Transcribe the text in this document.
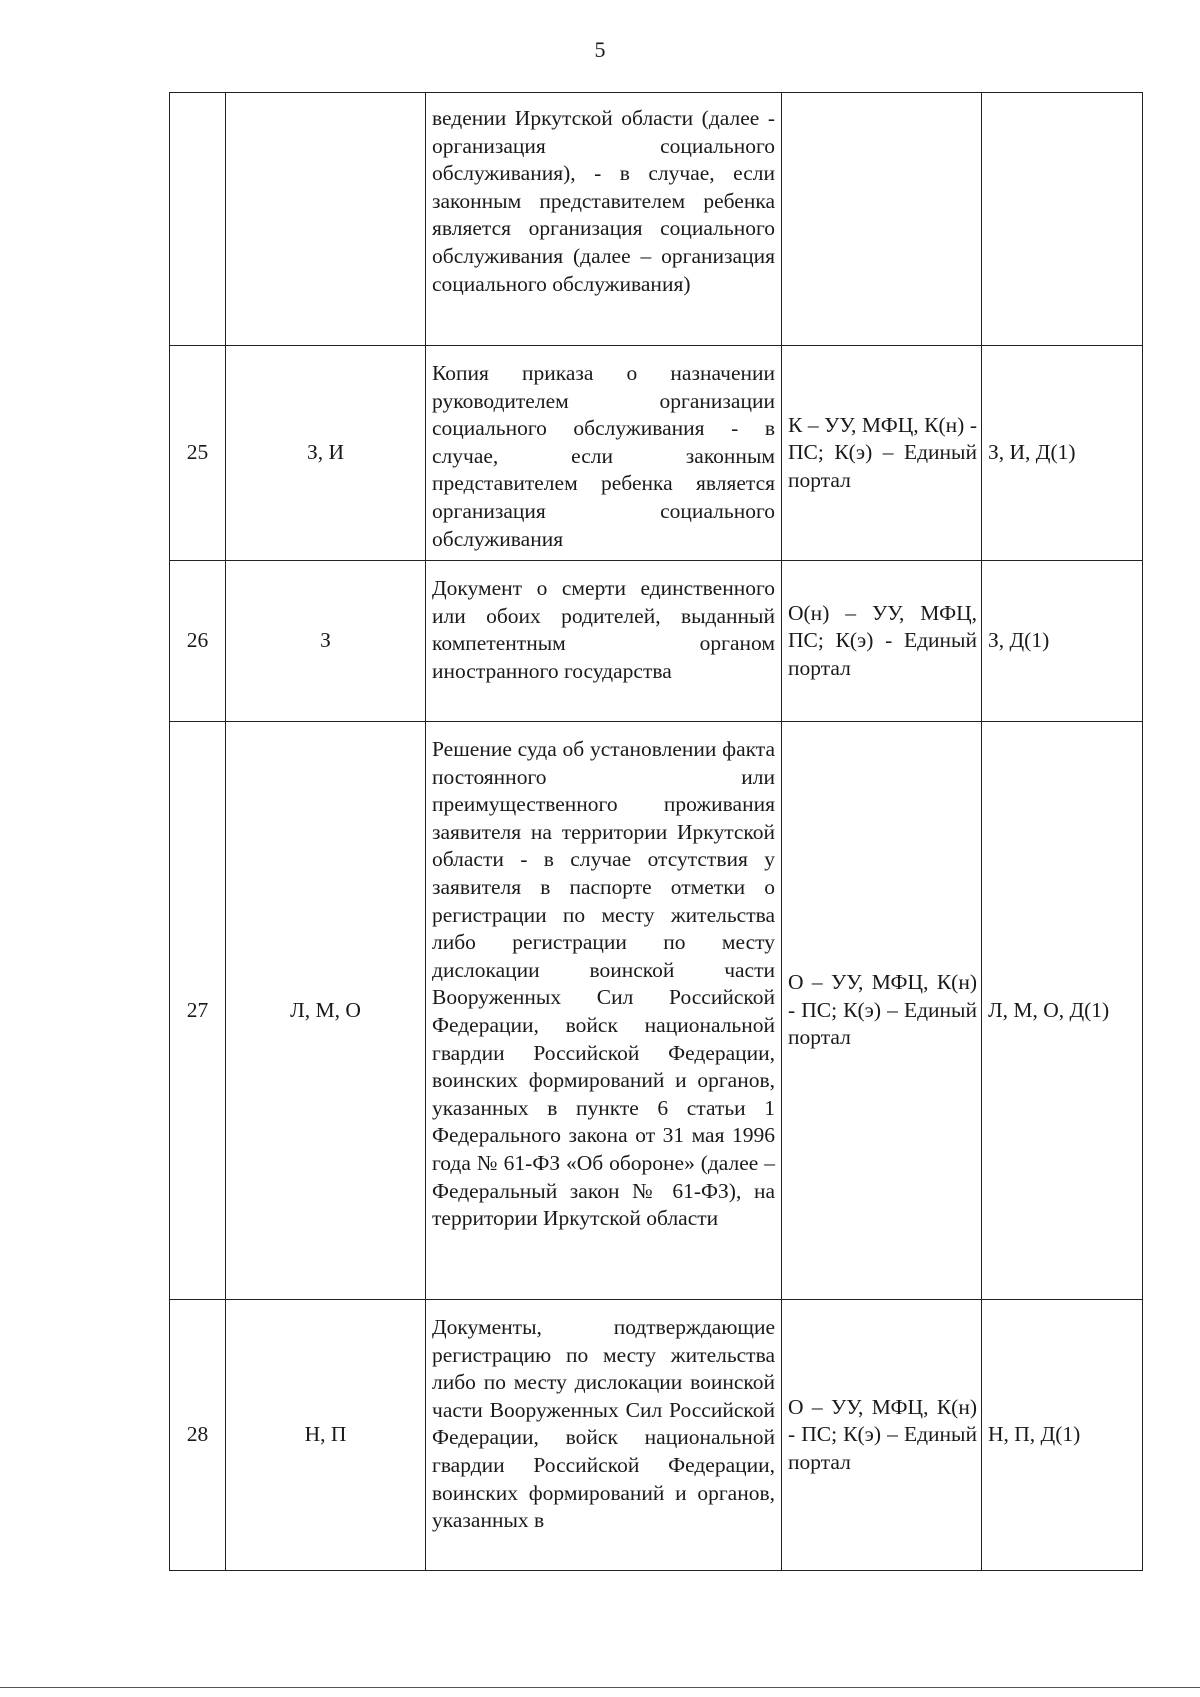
5
		ведении Иркутской области (далее - организация социального обслуживания), - в случае, если законным представителем ребенка является организация социального обслуживания (далее – организация социального обслуживания)		
25	З, И	Копия приказа о назначении руководителем организации социального обслуживания - в случае, если законным представителем ребенка является организация социального обслуживания	К – УУ, МФЦ, К(н) - ПС; К(э) – Единый портал	З, И, Д(1)
26	З	Документ о смерти единственного или обоих родителей, выданный компетентным органом иностранного государства	О(н) – УУ, МФЦ, ПС; К(э) - Единый портал	З, Д(1)
27	Л, М, О	Решение суда об установлении факта постоянного или преимущественного проживания заявителя на территории Иркутской области - в случае отсутствия у заявителя в паспорте отметки о регистрации по месту жительства либо регистрации по месту дислокации воинской части Вооруженных Сил Российской Федерации, войск национальной гвардии Российской Федерации, воинских формирований и органов, указанных в пункте 6 статьи 1 Федерального закона от 31 мая 1996 года № 61-ФЗ «Об обороне» (далее – Федеральный закон № 61-ФЗ), на территории Иркутской области	О – УУ, МФЦ, К(н) - ПС; К(э) – Единый портал	Л, М, О, Д(1)
28	Н, П	Документы, подтверждающие регистрацию по месту жительства либо по месту дислокации воинской части Вооруженных Сил Российской Федерации, войск национальной гвардии Российской Федерации, воинских формирований и органов, указанных в	О – УУ, МФЦ, К(н) - ПС; К(э) – Единый портал	Н, П, Д(1)
